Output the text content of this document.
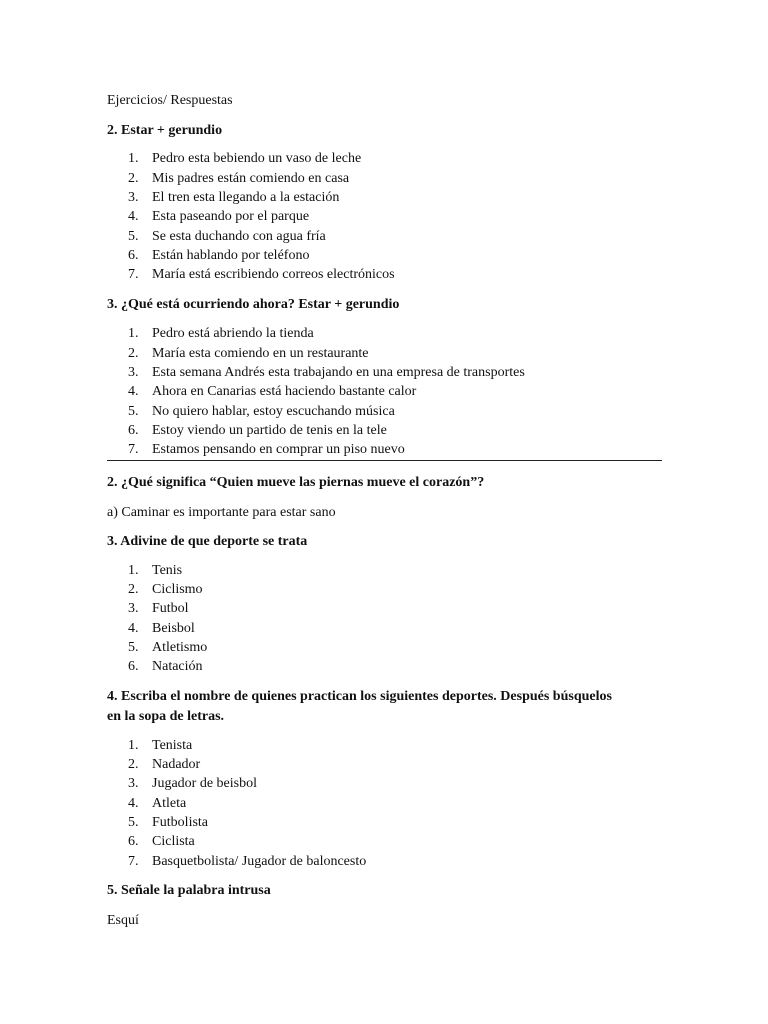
Ejercicios/ Respuestas
2. Estar + gerundio
1. Pedro esta bebiendo un vaso de leche
2. Mis padres están comiendo en casa
3. El tren esta llegando a la estación
4. Esta paseando por el parque
5. Se esta duchando con agua fría
6. Están hablando por teléfono
7. María está escribiendo correos electrónicos
3. ¿Qué está ocurriendo ahora? Estar + gerundio
1. Pedro está abriendo la tienda
2. María esta comiendo en un restaurante
3. Esta semana Andrés esta trabajando en una empresa de transportes
4. Ahora en Canarias está haciendo bastante calor
5. No quiero hablar, estoy escuchando música
6. Estoy viendo un partido de tenis en la tele
7. Estamos pensando en comprar un piso nuevo
2. ¿Qué significa “Quien mueve las piernas mueve el corazón”?
a) Caminar es importante para estar sano
3. Adivine de que deporte se trata
1. Tenis
2. Ciclismo
3. Futbol
4. Beisbol
5. Atletismo
6. Natación
4. Escriba el nombre de quienes practican los siguientes deportes. Después búsquelos
en la sopa de letras.
1. Tenista
2. Nadador
3. Jugador de beisbol
4. Atleta
5. Futbolista
6. Ciclista
7. Basquetbolista/ Jugador de baloncesto
5. Señale la palabra intrusa
Esquí
